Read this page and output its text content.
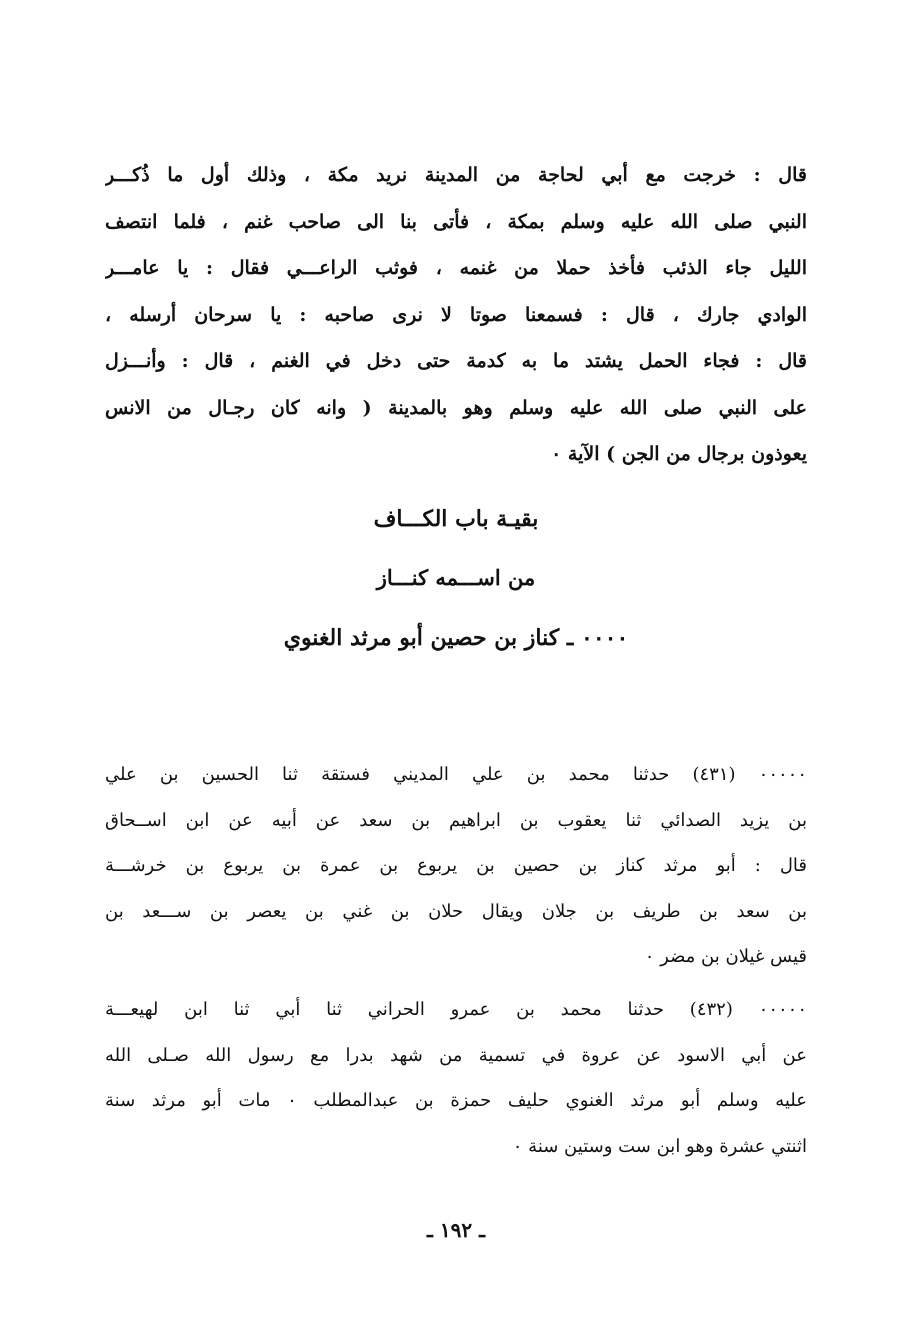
قال : خرجت مع أبي لحاجة من المدينة نريد مكة ، وذلك أول ما ذُكـــر
النبي صلى الله عليه وسلم بمكة ، فأتى بنا الى صاحب غنم ، فلما انتصف
الليل جاء الذئب فأخذ حملا من غنمه ، فوثب الراعـــي فقال : يا عامـــر
الوادي جارك ، قال : فسمعنا صوتا لا نرى صاحبه : يا سرحان أرسله ،
قال : فجاء الحمل يشتد ما به كدمة حتى دخل في الغنم ، قال : وأنـــزل
على النبي صلى الله عليه وسلم وهو بالمدينة ( وانه كان رجـال من الانس
يعوذون برجال من الجن ) الآية ٠
بقيـة باب الكـــاف
من اســـمه كنـــاز
٠٠٠٠ ـ كناز بن حصين أبو مرثد الغنوي
٠٠٠٠٠ (٤٣١) حدثنا محمد بن علي المديني فستقة ثنا الحسين بن علي
بن يزيد الصدائي ثنا يعقوب بن ابراهيم بن سعد عن أبيه عن ابن اســحاق
قال : أبو مرثد كناز بن حصين بن يربوع بن عمرة بن يربوع بن خرشـــة
بن سعد بن طريف بن جلان ويقال حلان بن غني بن يعصر بن ســـعد بن
قيس غيلان بن مضر ٠
٠٠٠٠٠ (٤٣٢) حدثنا محمد بن عمرو الحراني ثنا أبي ثنا ابن لهيعـــة
عن أبي الاسود عن عروة في تسمية من شهد بدرا مع رسول الله صـلى الله
عليه وسلم أبو مرثد الغنوي حليف حمزة بن عبدالمطلب ٠ مات أبو مرثد سنة
اثنتي عشرة وهو ابن ست وستين سنة ٠
ـ ١٩٢ ـ
